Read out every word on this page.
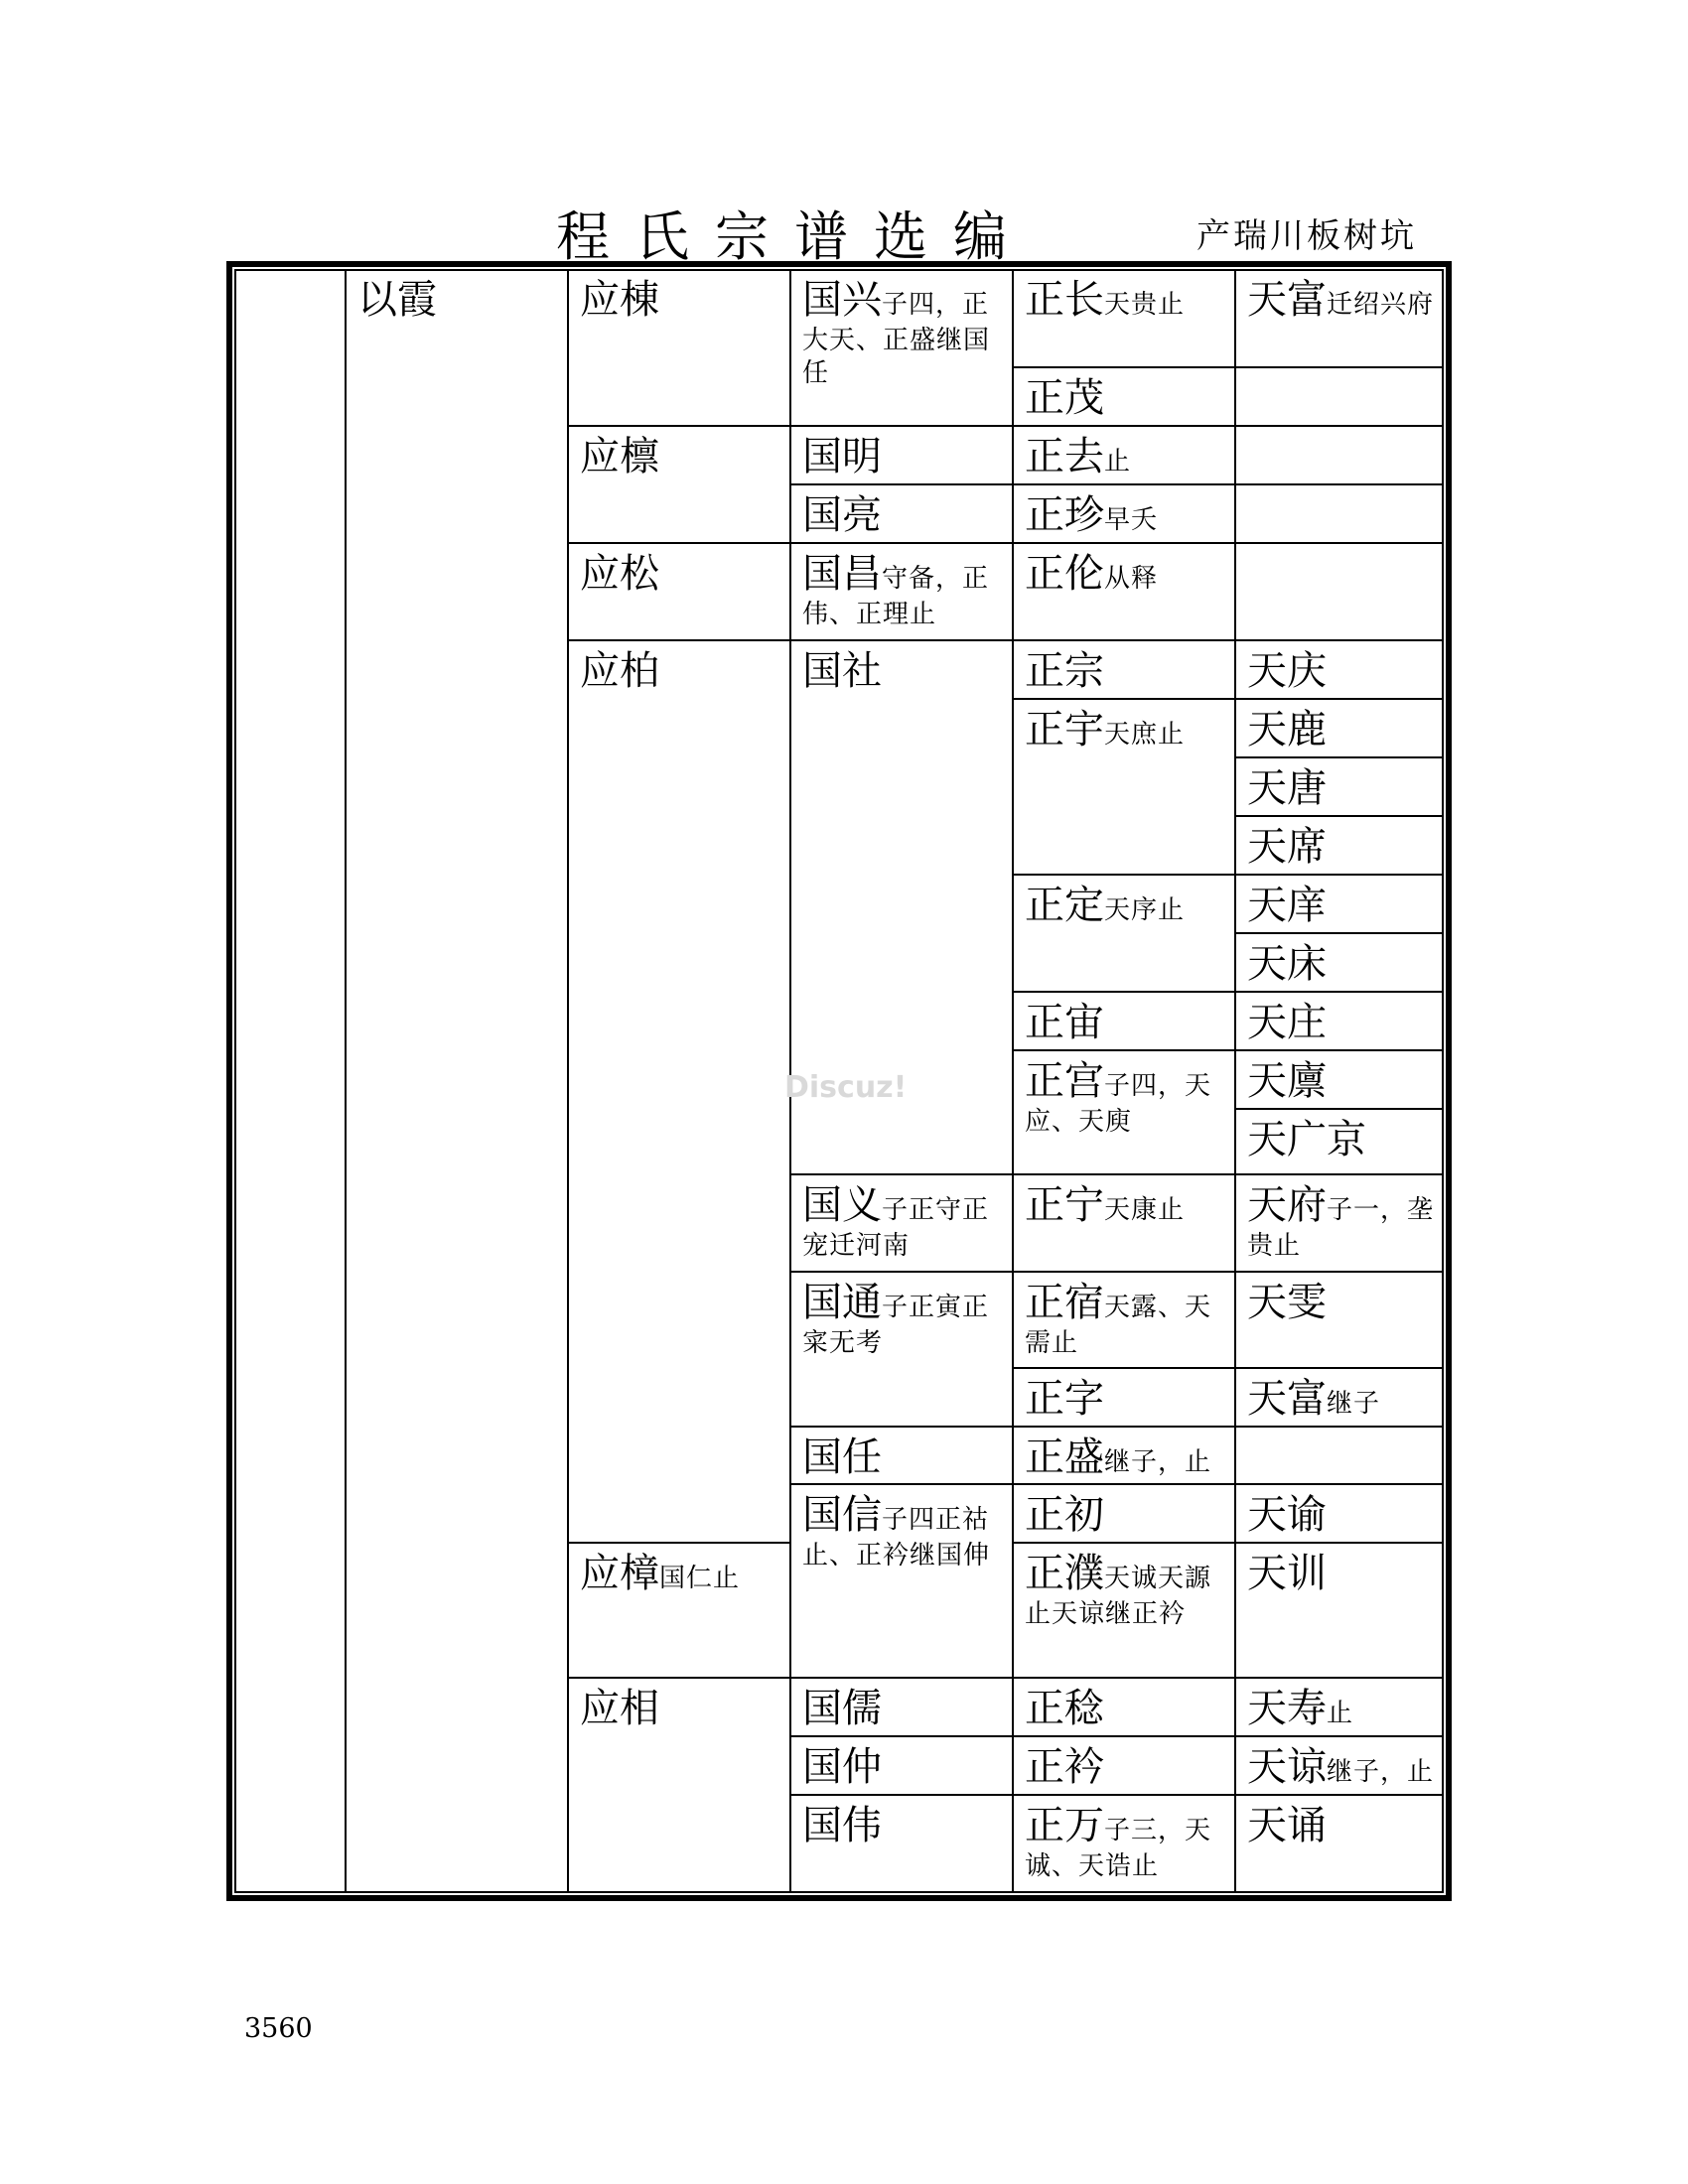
程氏宗谱选编	产瑞川板树坑
以霞	应棟
应檩
应松
应柏
应樟国仁止
应相
国兴子四，正大天、正盛继国任
国明
国亮
国昌守备，正伟、正理止
国社
国义子正守正宠迁河南
国通子正寅正寀无考
国任
国信子四正祜止、正衿继国伸
国儒
国仲
国伟
正长天贵止
正茂
正去止
正珍早夭
正伦从释
正宗
正宇天庶止
正定天序止
正宙
正宫子四，天应、天庾
正宁天康止
正宿天露、天需止
正字
正盛继子，止
正初
正濮天诚天謜止天谅继正衿
正稔
正衿
正万子三，天诚、天诰止
天富迁绍兴府
天庆
天鹿
天唐
天席
天庠
天床
天庄
天廪
天广京
天府子一，垄贵止
天雯
天富继子
天谕
天训
天寿止
天谅继子，止
天诵
Discuz!
3560
